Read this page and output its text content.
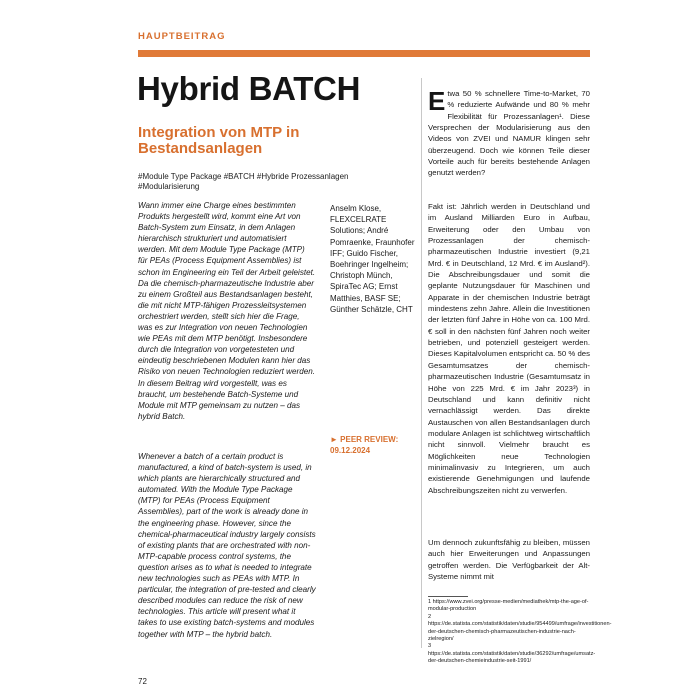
HAUPTBEITRAG
Hybrid BATCH
Integration von MTP in Bestandsanlagen
#Module Type Package #BATCH #Hybride Prozessanlagen #Modularisierung

Wann immer eine Charge eines bestimmten Produkts hergestellt wird, kommt eine Art von Batch-System zum Einsatz, in dem Anlagen hierarchisch strukturiert und automatisiert werden. Mit dem Module Type Package (MTP) für PEAs (Process Equipment Assemblies) ist schon im Engineering ein Teil der Arbeit geleistet. Da die chemisch-pharmazeutische Industrie aber zu einem Großteil aus Bestandsanlagen besteht, die mit nicht MTP-fähigen Prozessleitsystemen orchestriert werden, stellt sich hier die Frage, was es zur Integration von neuen Technologien wie PEAs mit dem MTP benötigt. Insbesondere durch die Integration von vorgetesteten und eindeutig beschriebenen Modulen kann hier das Risiko von neuen Technologien reduziert werden. In diesem Beitrag wird vorgestellt, was es braucht, um bestehende Batch-Systeme und Module mit MTP gemeinsam zu nutzen – das hybrid Batch.

Whenever a batch of a certain product is manufactured, a kind of batch-system is used, in which plants are hierarchically structured and automated. With the Module Type Package (MTP) for PEAs (Process Equipment Assemblies), part of the work is already done in the engineering phase. However, since the chemical-pharmaceutical industry largely consists of existing plants that are orchestrated with non-MTP-capable process control systems, the question arises as to what is needed to integrate new technologies such as PEAs with MTP. In particular, the integration of pre-tested and clearly described modules can reduce the risk of new technologies. This article will present what it takes to use existing batch-systems and modules together with MTP – the hybrid batch.

Anselm Klose, FLEXCELRATE Solutions; André Pomraenke, Fraunhofer IFF; Guido Fischer, Boehringer Ingelheim; Christoph Münch, SpiraTec AG; Ernst Matthies, BASF SE; Günther Schätzle, CHT

► PEER REVIEW:
09.12.2024

Etwa 50 % schnellere Time-to-Market, 70 % reduzierte Aufwände und 80 % mehr Flexibilität für Prozessanlagen¹. Diese Versprechen der Modularisierung aus den Videos von ZVEI und NAMUR klingen sehr überzeugend. Doch wie können Teile dieser Vorteile auch für bereits bestehende Anlagen genutzt werden?

Fakt ist: Jährlich werden in Deutschland und im Ausland Milliarden Euro in Aufbau, Erweiterung oder den Umbau von Prozessanlagen der chemisch-pharmazeutischen Industrie investiert (9,21 Mrd. € in Deutschland, 12 Mrd. € im Ausland²). Die Abschreibungsdauer und somit die geplante Nutzungsdauer für Maschinen und Apparate in der chemischen Industrie beträgt mindestens zehn Jahre. Allein die Investitionen der letzten fünf Jahre in Höhe von ca. 100 Mrd. € soll in den nächsten fünf Jahren noch weiter betrieben, und potenziell gesteigert werden. Dieses Kapitalvolumen entspricht ca. 50 % des Gesamtumsatzes der chemisch-pharmazeutischen Industrie (Gesamtumsatz in Höhe von 225 Mrd. € im Jahr 2023³) in Deutschland und kann definitiv nicht vernachlässigt werden. Das direkte Austauschen von allen Bestandsanlagen durch modulare Anlagen ist schlichtweg wirtschaftlich nicht sinnvoll. Vielmehr braucht es Möglichkeiten neue Technologien minimalinvasiv zu Integrieren, um auch existierende Genehmigungen und laufende Abschreibungszeiten nicht zu verwerfen.

Um dennoch zukunftsfähig zu bleiben, müssen auch hier Erweiterungen und Anpassungen getroffen werden. Die Verfügbarkeit der Alt-Systeme nimmt mit

1 https://www.zvei.org/presse-medien/mediathek/mtp-the-age-of-modular-production

2 https://de.statista.com/statistik/daten/studie/954499/umfrage/investitionen-der-deutschen-chemisch-pharmazeutischen-industrie-nach-zielregion/

3 https://de.statista.com/statistik/daten/studie/36292/umfrage/umsatz-der-deutschen-chemieindustrie-seit-1991/

72
